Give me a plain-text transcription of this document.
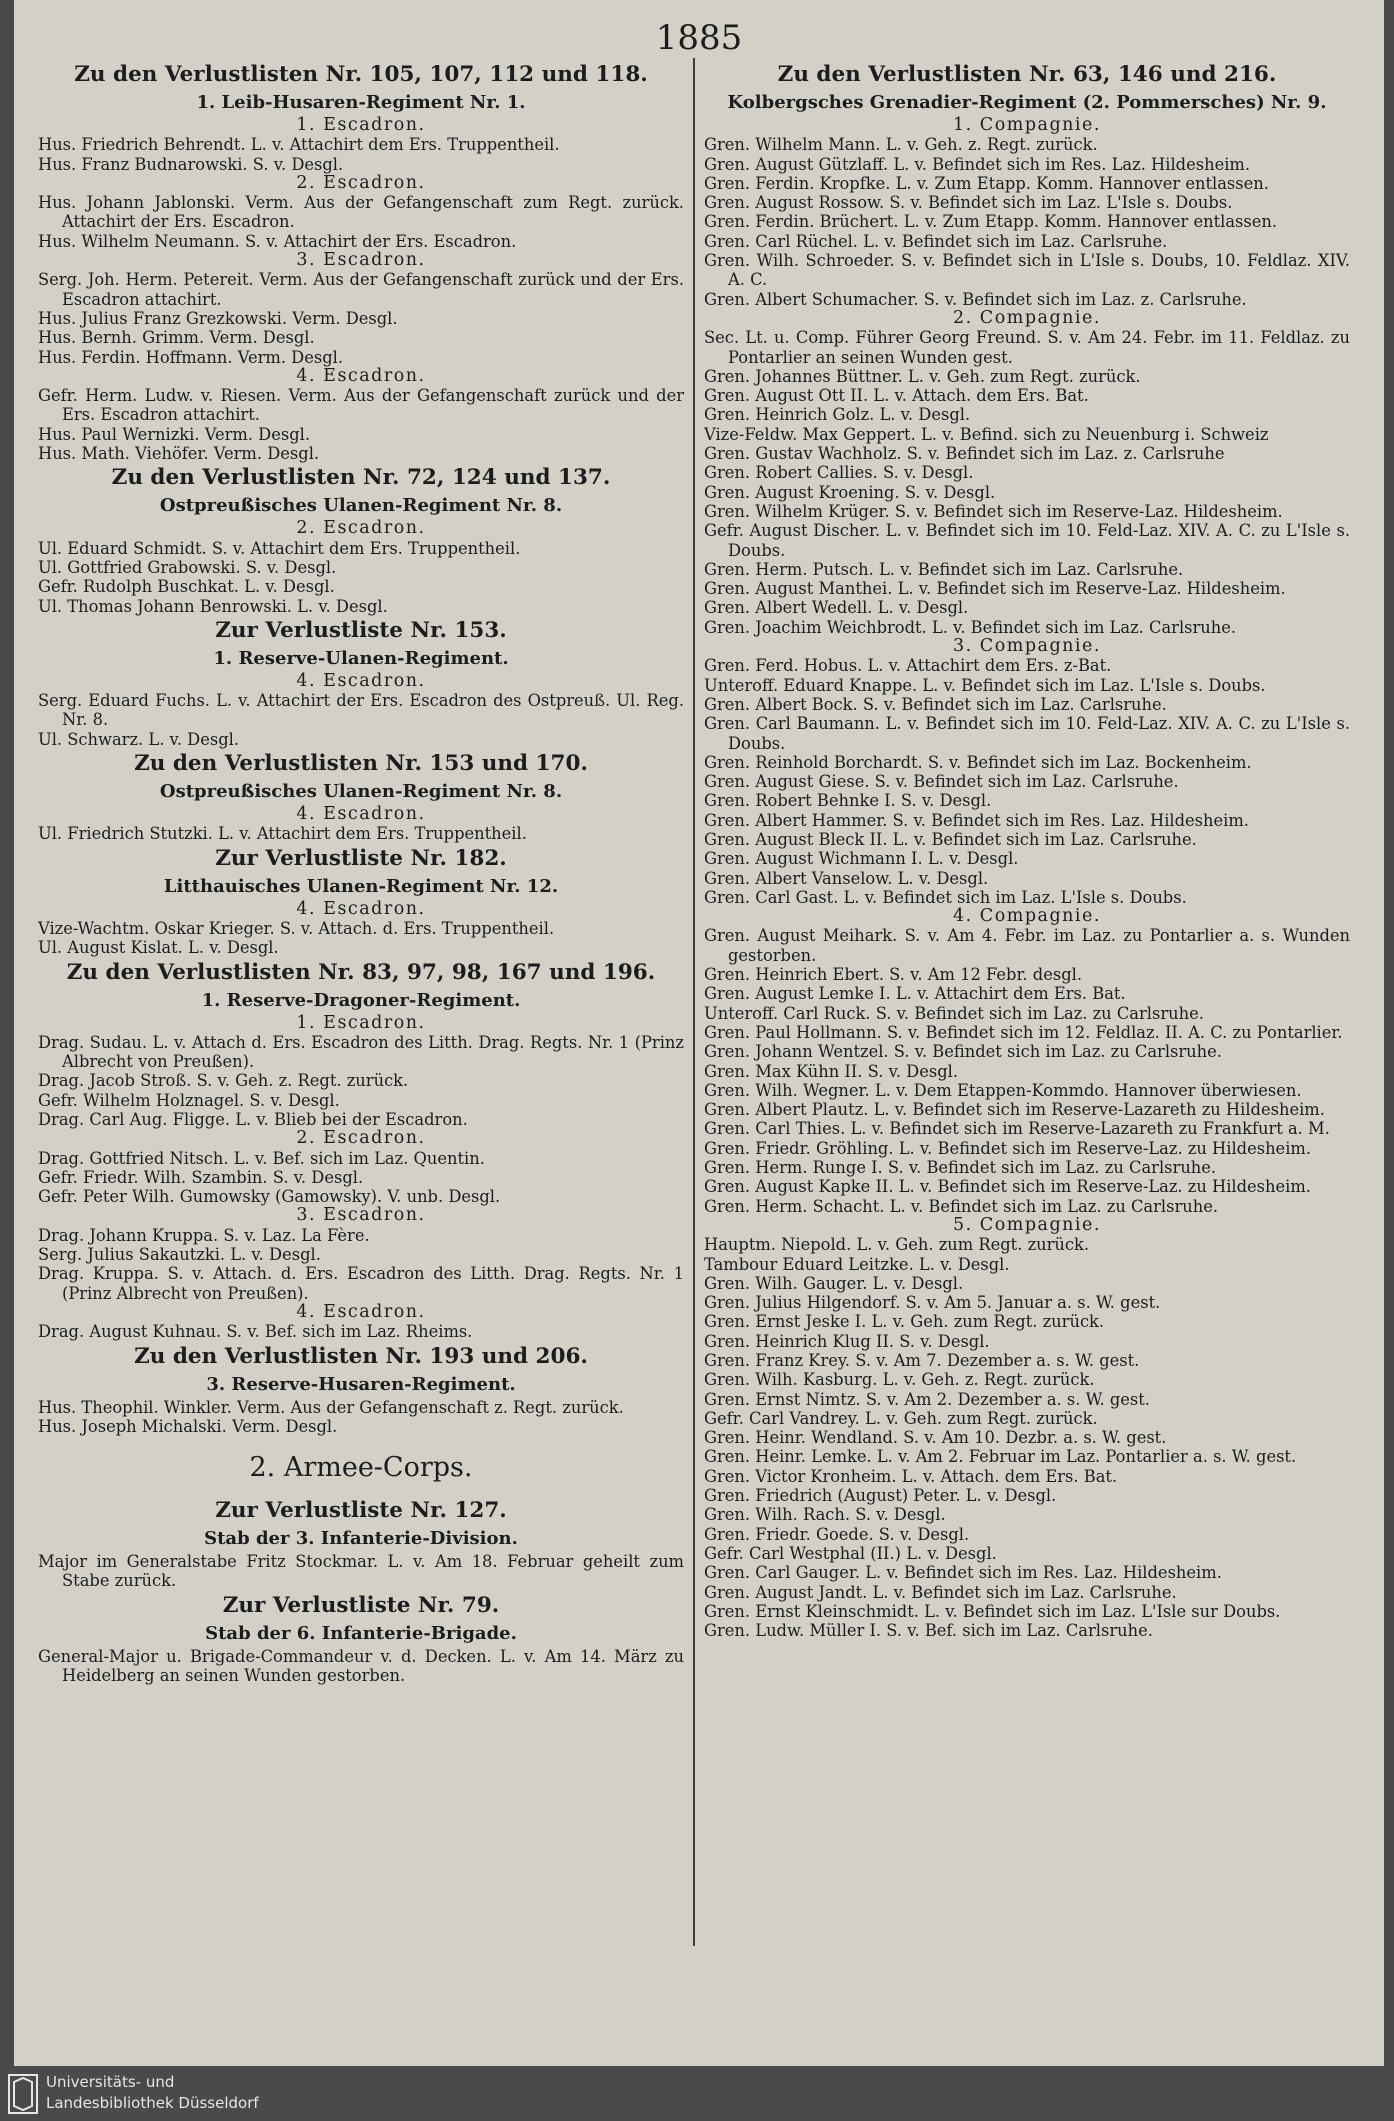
1885
Zu den Verlustlisten Nr. 105, 107, 112 und 118.
1. Leib-Husaren-Regiment Nr. 1.
1. Escadron.
Hus. Friedrich Behrendt. L. v. Attachirt dem Ers. Truppentheil.
Hus. Franz Budnarowski. S. v. Desgl.
2. Escadron.
Hus. Johann Jablonski. Verm. Aus der Gefangenschaft zum Regt. zurück. Attachirt der Ers. Escadron.
Hus. Wilhelm Neumann. S. v. Attachirt der Ers. Escadron.
3. Escadron.
Serg. Joh. Herm. Petereit. Verm. Aus der Gefangenschaft zurück und der Ers. Escadron attachirt.
Hus. Julius Franz Grezkowski. Verm. Desgl.
Hus. Bernh. Grimm. Verm. Desgl.
Hus. Ferdin. Hoffmann. Verm. Desgl.
4. Escadron.
Gefr. Herm. Ludw. v. Riesen. Verm. Aus der Gefangenschaft zurück und der Ers. Escadron attachirt.
Hus. Paul Wernizki. Verm. Desgl.
Hus. Math. Viehöfer. Verm. Desgl.
Zu den Verlustlisten Nr. 72, 124 und 137.
Ostpreußisches Ulanen-Regiment Nr. 8.
2. Escadron.
Ul. Eduard Schmidt. S. v. Attachirt dem Ers. Truppentheil.
Ul. Gottfried Grabowski. S. v. Desgl.
Gefr. Rudolph Buschkat. L. v. Desgl.
Ul. Thomas Johann Benrowski. L. v. Desgl.
Zur Verlustliste Nr. 153.
1. Reserve-Ulanen-Regiment.
4. Escadron.
Serg. Eduard Fuchs. L. v. Attachirt der Ers. Escadron des Ostpreuß. Ul. Reg. Nr. 8.
Ul. Schwarz. L. v. Desgl.
Zu den Verlustlisten Nr. 153 und 170.
Ostpreußisches Ulanen-Regiment Nr. 8.
4. Escadron.
Ul. Friedrich Stutzki. L. v. Attachirt dem Ers. Truppentheil.
Zur Verlustliste Nr. 182.
Litthauisches Ulanen-Regiment Nr. 12.
4. Escadron.
Vize-Wachtm. Oskar Krieger. S. v. Attach. d. Ers. Truppentheil.
Ul. August Kislat. L. v. Desgl.
Zu den Verlustlisten Nr. 83, 97, 98, 167 und 196.
1. Reserve-Dragoner-Regiment.
1. Escadron.
Drag. Sudau. L. v. Attach d. Ers. Escadron des Litth. Drag. Regts. Nr. 1 (Prinz Albrecht von Preußen).
Drag. Jacob Stroß. S. v. Geh. z. Regt. zurück.
Gefr. Wilhelm Holznagel. S. v. Desgl.
Drag. Carl Aug. Fligge. L. v. Blieb bei der Escadron.
2. Escadron.
Drag. Gottfried Nitsch. L. v. Bef. sich im Laz. Quentin.
Gefr. Friedr. Wilh. Szambin. S. v. Desgl.
Gefr. Peter Wilh. Gumowsky (Gamowsky). V. unb. Desgl.
3. Escadron.
Drag. Johann Kruppa. S. v. Laz. La Fère.
Serg. Julius Sakautzki. L. v. Desgl.
Drag. Kruppa. S. v. Attach. d. Ers. Escadron des Litth. Drag. Regts. Nr. 1 (Prinz Albrecht von Preußen).
4. Escadron.
Drag. August Kuhnau. S. v. Bef. sich im Laz. Rheims.
Zu den Verlustlisten Nr. 193 und 206.
3. Reserve-Husaren-Regiment.
Hus. Theophil. Winkler. Verm. Aus der Gefangenschaft z. Regt. zurück.
Hus. Joseph Michalski. Verm. Desgl.
2. Armee-Corps.
Zur Verlustliste Nr. 127.
Stab der 3. Infanterie-Division.
Major im Generalstabe Fritz Stockmar. L. v. Am 18. Februar geheilt zum Stabe zurück.
Zur Verlustliste Nr. 79.
Stab der 6. Infanterie-Brigade.
General-Major u. Brigade-Commandeur v. d. Decken. L. v. Am 14. März zu Heidelberg an seinen Wunden gestorben.
Zu den Verlustlisten Nr. 63, 146 und 216.
Kolbergsches Grenadier-Regiment (2. Pommersches) Nr. 9.
1. Compagnie.
Gren. Wilhelm Mann. L. v. Geh. z. Regt. zurück.
Gren. August Gützlaff. L. v. Befindet sich im Res. Laz. Hildesheim.
Gren. Ferdin. Kropfke. L. v. Zum Etapp. Komm. Hannover entlassen.
Gren. August Rossow. S. v. Befindet sich im Laz. L'Isle s. Doubs.
Gren. Ferdin. Brüchert. L. v. Zum Etapp. Komm. Hannover entlassen.
Gren. Carl Rüchel. L. v. Befindet sich im Laz. Carlsruhe.
Gren. Wilh. Schroeder. S. v. Befindet sich in L'Isle s. Doubs, 10. Feldlaz. XIV. A. C.
Gren. Albert Schumacher. S. v. Befindet sich im Laz. z. Carlsruhe.
2. Compagnie.
Sec. Lt. u. Comp. Führer Georg Freund. S. v. Am 24. Febr. im 11. Feldlaz. zu Pontarlier an seinen Wunden gest.
Gren. Johannes Büttner. L. v. Geh. zum Regt. zurück.
Gren. August Ott II. L. v. Attach. dem Ers. Bat.
Gren. Heinrich Golz. L. v. Desgl.
Vize-Feldw. Max Geppert. L. v. Befind. sich zu Neuenburg i. Schweiz
Gren. Gustav Wachholz. S. v. Befindet sich im Laz. z. Carlsruhe
Gren. Robert Callies. S. v. Desgl.
Gren. August Kroening. S. v. Desgl.
Gren. Wilhelm Krüger. S. v. Befindet sich im Reserve-Laz. Hildesheim.
Gefr. August Discher. L. v. Befindet sich im 10. Feld-Laz. XIV. A. C. zu L'Isle s. Doubs.
Gren. Herm. Putsch. L. v. Befindet sich im Laz. Carlsruhe.
Gren. August Manthei. L. v. Befindet sich im Reserve-Laz. Hildesheim.
Gren. Albert Wedell. L. v. Desgl.
Gren. Joachim Weichbrodt. L. v. Befindet sich im Laz. Carlsruhe.
3. Compagnie.
Gren. Ferd. Hobus. L. v. Attachirt dem Ers. z-Bat.
Unteroff. Eduard Knappe. L. v. Befindet sich im Laz. L'Isle s. Doubs.
Gren. Albert Bock. S. v. Befindet sich im Laz. Carlsruhe.
Gren. Carl Baumann. L. v. Befindet sich im 10. Feld-Laz. XIV. A. C. zu L'Isle s. Doubs.
Gren. Reinhold Borchardt. S. v. Befindet sich im Laz. Bockenheim.
Gren. August Giese. S. v. Befindet sich im Laz. Carlsruhe.
Gren. Robert Behnke I. S. v. Desgl.
Gren. Albert Hammer. S. v. Befindet sich im Res. Laz. Hildesheim.
Gren. August Bleck II. L. v. Befindet sich im Laz. Carlsruhe.
Gren. August Wichmann I. L. v. Desgl.
Gren. Albert Vanselow. L. v. Desgl.
Gren. Carl Gast. L. v. Befindet sich im Laz. L'Isle s. Doubs.
4. Compagnie.
Gren. August Meihark. S. v. Am 4. Febr. im Laz. zu Pontarlier a. s. Wunden gestorben.
Gren. Heinrich Ebert. S. v. Am 12 Febr. desgl.
Gren. August Lemke I. L. v. Attachirt dem Ers. Bat.
Unteroff. Carl Ruck. S. v. Befindet sich im Laz. zu Carlsruhe.
Gren. Paul Hollmann. S. v. Befindet sich im 12. Feldlaz. II. A. C. zu Pontarlier.
Gren. Johann Wentzel. S. v. Befindet sich im Laz. zu Carlsruhe.
Gren. Max Kühn II. S. v. Desgl.
Gren. Wilh. Wegner. L. v. Dem Etappen-Kommdo. Hannover überwiesen.
Gren. Albert Plautz. L. v. Befindet sich im Reserve-Lazareth zu Hildesheim.
Gren. Carl Thies. L. v. Befindet sich im Reserve-Lazareth zu Frankfurt a. M.
Gren. Friedr. Gröhling. L. v. Befindet sich im Reserve-Laz. zu Hildesheim.
Gren. Herm. Runge I. S. v. Befindet sich im Laz. zu Carlsruhe.
Gren. August Kapke II. L. v. Befindet sich im Reserve-Laz. zu Hildesheim.
Gren. Herm. Schacht. L. v. Befindet sich im Laz. zu Carlsruhe.
5. Compagnie.
Hauptm. Niepold. L. v. Geh. zum Regt. zurück.
Tambour Eduard Leitzke. L. v. Desgl.
Gren. Wilh. Gauger. L. v. Desgl.
Gren. Julius Hilgendorf. S. v. Am 5. Januar a. s. W. gest.
Gren. Ernst Jeske I. L. v. Geh. zum Regt. zurück.
Gren. Heinrich Klug II. S. v. Desgl.
Gren. Franz Krey. S. v. Am 7. Dezember a. s. W. gest.
Gren. Wilh. Kasburg. L. v. Geh. z. Regt. zurück.
Gren. Ernst Nimtz. S. v. Am 2. Dezember a. s. W. gest.
Gefr. Carl Vandrey. L. v. Geh. zum Regt. zurück.
Gren. Heinr. Wendland. S. v. Am 10. Dezbr. a. s. W. gest.
Gren. Heinr. Lemke. L. v. Am 2. Februar im Laz. Pontarlier a. s. W. gest.
Gren. Victor Kronheim. L. v. Attach. dem Ers. Bat.
Gren. Friedrich (August) Peter. L. v. Desgl.
Gren. Wilh. Rach. S. v. Desgl.
Gren. Friedr. Goede. S. v. Desgl.
Gefr. Carl Westphal (II.) L. v. Desgl.
Gren. Carl Gauger. L. v. Befindet sich im Res. Laz. Hildesheim.
Gren. August Jandt. L. v. Befindet sich im Laz. Carlsruhe.
Gren. Ernst Kleinschmidt. L. v. Befindet sich im Laz. L'Isle sur Doubs.
Gren. Ludw. Müller I. S. v. Bef. sich im Laz. Carlsruhe.
Universitäts- und
Landesbibliothek Düsseldorf
